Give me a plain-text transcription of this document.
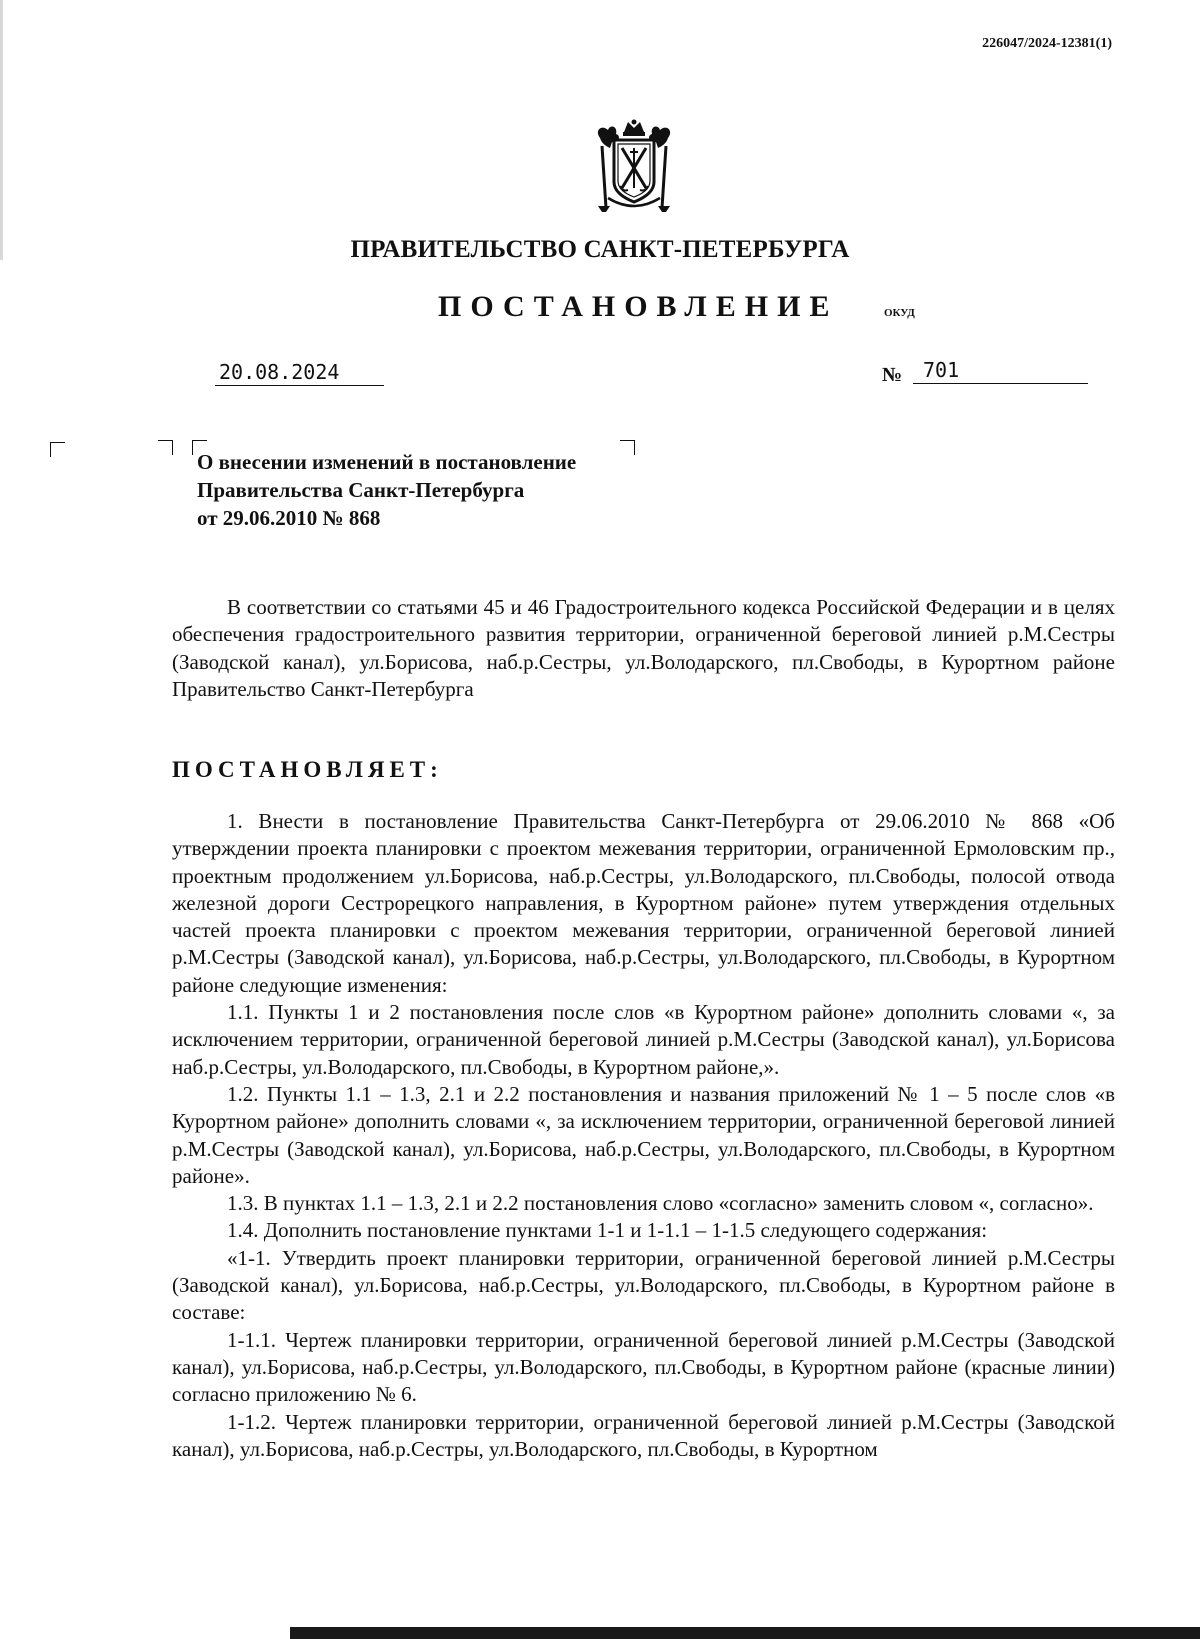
226047/2024-12381(1)
ПРАВИТЕЛЬСТВО САНКТ-ПЕТЕРБУРГА
ПОСТАНОВЛЕНИЕ	ОКУД
20.08.2024	№	701
О внесении изменений в постановление
Правительства Санкт-Петербурга
от 29.06.2010 № 868

В соответствии со статьями 45 и 46 Градостроительного кодекса Российской Федерации и в целях обеспечения градостроительного развития территории, ограниченной береговой линией р.М.Сестры (Заводской канал), ул.Борисова, наб.р.Сестры, ул.Володарского, пл.Свободы, в Курортном районе Правительство Санкт-Петербурга

ПОСТАНОВЛЯЕТ:

1. Внести в постановление Правительства Санкт-Петербурга от 29.06.2010 № 868 «Об утверждении проекта планировки с проектом межевания территории, ограниченной Ермоловским пр., проектным продолжением ул.Борисова, наб.р.Сестры, ул.Володарского, пл.Свободы, полосой отвода железной дороги Сестрорецкого направления, в Курортном районе» путем утверждения отдельных частей проекта планировки с проектом межевания территории, ограниченной береговой линией р.М.Сестры (Заводской канал), ул.Борисова, наб.р.Сестры, ул.Володарского, пл.Свободы, в Курортном районе следующие изменения:

1.1. Пункты 1 и 2 постановления после слов «в Курортном районе» дополнить словами «, за исключением территории, ограниченной береговой линией р.М.Сестры (Заводской канал), ул.Борисова наб.р.Сестры, ул.Володарского, пл.Свободы, в Курортном районе,».

1.2. Пункты 1.1 – 1.3, 2.1 и 2.2 постановления и названия приложений № 1 – 5 после слов «в Курортном районе» дополнить словами «, за исключением территории, ограниченной береговой линией р.М.Сестры (Заводской канал), ул.Борисова, наб.р.Сестры, ул.Володарского, пл.Свободы, в Курортном районе».

1.3. В пунктах 1.1 – 1.3, 2.1 и 2.2 постановления слово «согласно» заменить словом «, согласно».

1.4. Дополнить постановление пунктами 1-1 и 1-1.1 – 1-1.5 следующего содержания:

«1-1. Утвердить проект планировки территории, ограниченной береговой линией р.М.Сестры (Заводской канал), ул.Борисова, наб.р.Сестры, ул.Володарского, пл.Свободы, в Курортном районе в составе:

1-1.1. Чертеж планировки территории, ограниченной береговой линией р.М.Сестры (Заводской канал), ул.Борисова, наб.р.Сестры, ул.Володарского, пл.Свободы, в Курортном районе (красные линии) согласно приложению № 6.

1-1.2. Чертеж планировки территории, ограниченной береговой линией р.М.Сестры (Заводской канал), ул.Борисова, наб.р.Сестры, ул.Володарского, пл.Свободы, в Курортном
